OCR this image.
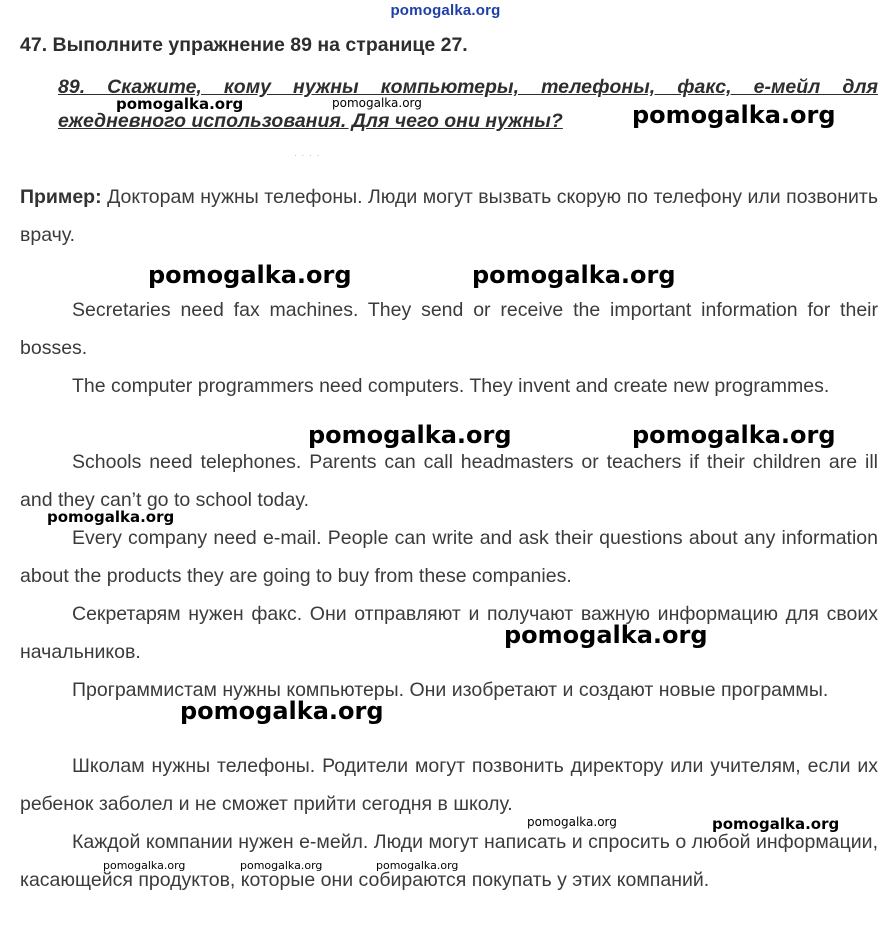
pomogalka.org
47. Выполните упражнение 89 на странице 27.
89. Скажите, кому нужны компьютеры, телефоны, факс, е-мейл для ежедневного использования. Для чего они нужны?
· · · ·
Пример: Докторам нужны телефоны. Люди могут вызвать скорую по телефону или позвонить врачу.
Secretaries need fax machines. They send or receive the important information for their bosses.
The computer programmers need computers. They invent and create new programmes.
Schools need telephones. Parents can call headmasters or teachers if their children are ill and they can’t go to school today.
Every company need e-mail. People can write and ask their questions about any information about the products they are going to buy from these companies.
Секретарям нужен факс. Они отправляют и получают важную информацию для своих начальников.
Программистам нужны компьютеры. Они изобретают и создают новые программы.
Школам нужны телефоны. Родители могут позвонить директору или учителям, если их ребенок заболел и не сможет прийти сегодня в школу.
Каждой компании нужен е-мейл. Люди могут написать и спросить о любой информации, касающейся продуктов, которые они собираются покупать у этих компаний.
pomogalka.org	pomogalka.org	pomogalka.org
pomogalka.org	pomogalka.org
pomogalka.org	pomogalka.org
pomogalka.org
pomogalka.org
pomogalka.org
pomogalka.org	pomogalka.org
pomogalka.org	pomogalka.org	pomogalka.org
